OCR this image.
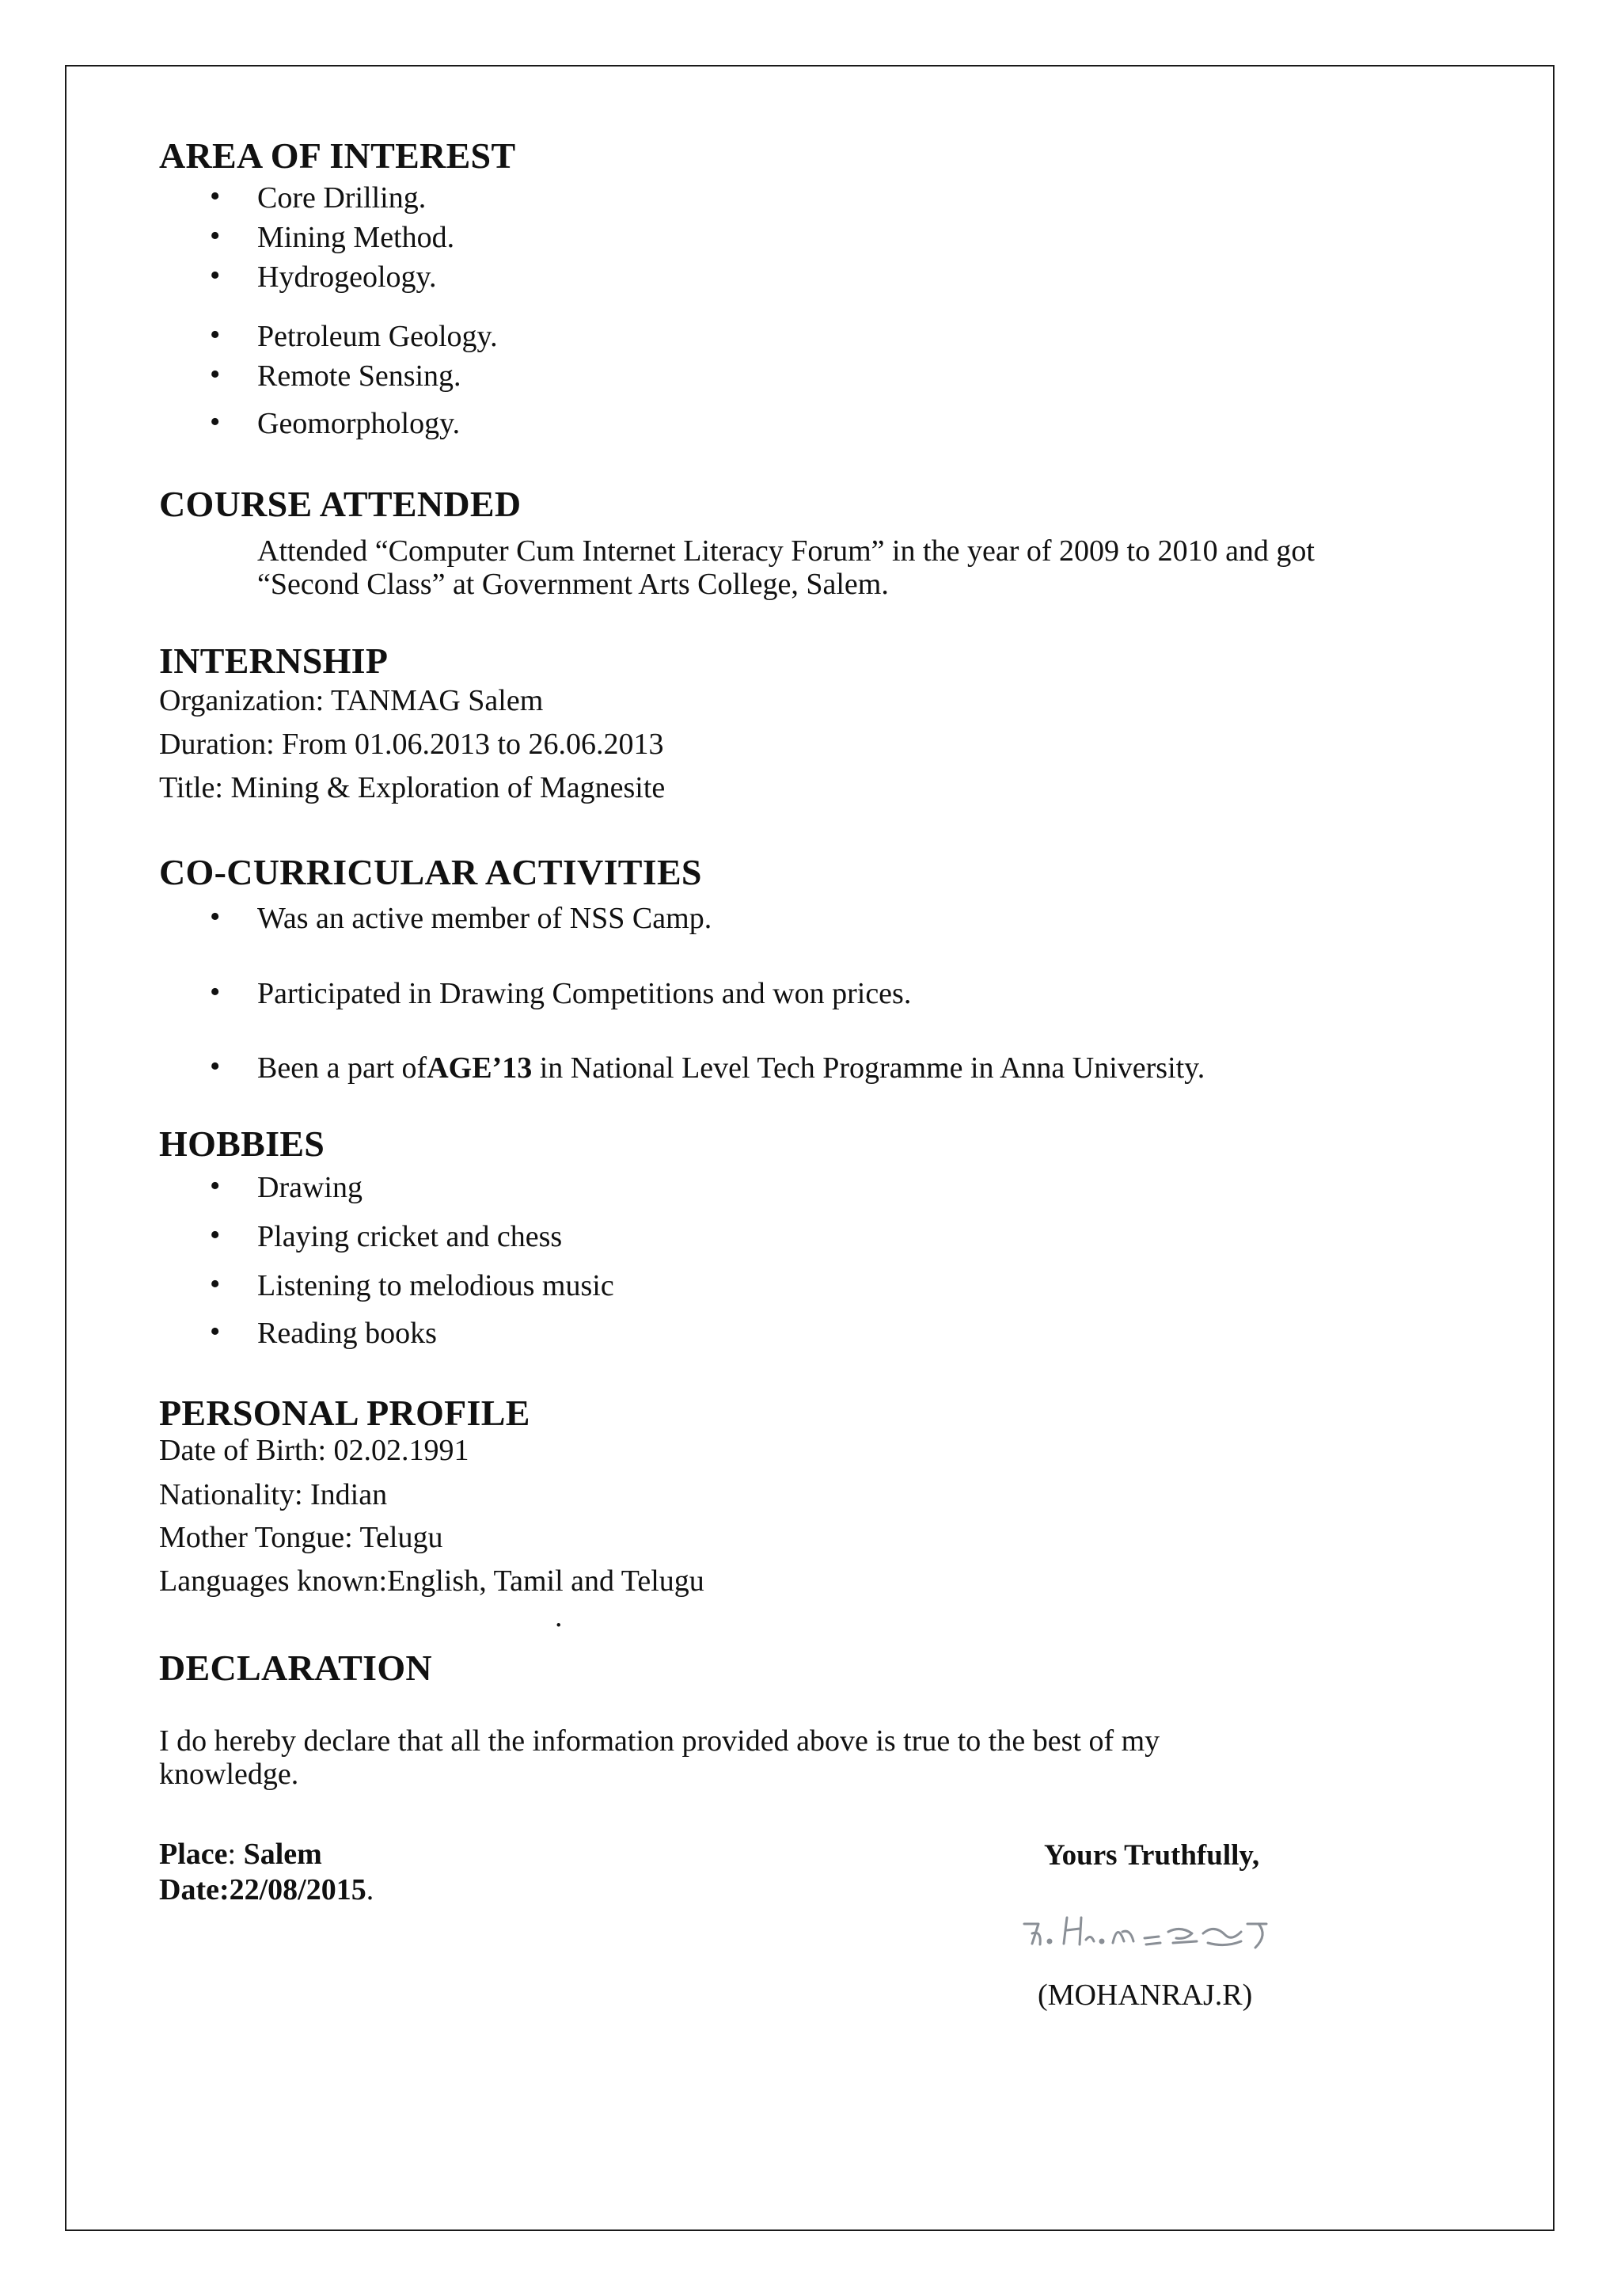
AREA OF INTEREST
• Core Drilling.
• Mining Method.
• Hydrogeology.
• Petroleum Geology.
• Remote Sensing.
• Geomorphology.
COURSE ATTENDED
Attended “Computer Cum Internet Literacy Forum” in the year of 2009 to 2010 and got
“Second Class” at Government Arts College, Salem.
INTERNSHIP
Organization: TANMAG Salem
Duration: From 01.06.2013 to 26.06.2013
Title: Mining & Exploration of Magnesite
CO-CURRICULAR ACTIVITIES
• Was an active member of NSS Camp.
• Participated in Drawing Competitions and won prices.
• Been a part ofAGE’13 in National Level Tech Programme in Anna University.
HOBBIES
• Drawing
• Playing cricket and chess
• Listening to melodious music
• Reading books
PERSONAL PROFILE
Date of Birth: 02.02.1991
Nationality: Indian
Mother Tongue: Telugu
Languages known:English, Tamil and Telugu
.
DECLARATION
I do hereby declare that all the information provided above is true to the best of my
knowledge.
Place: Salem
Date:22/08/2015.
Yours Truthfully,
(MOHANRAJ.R)
